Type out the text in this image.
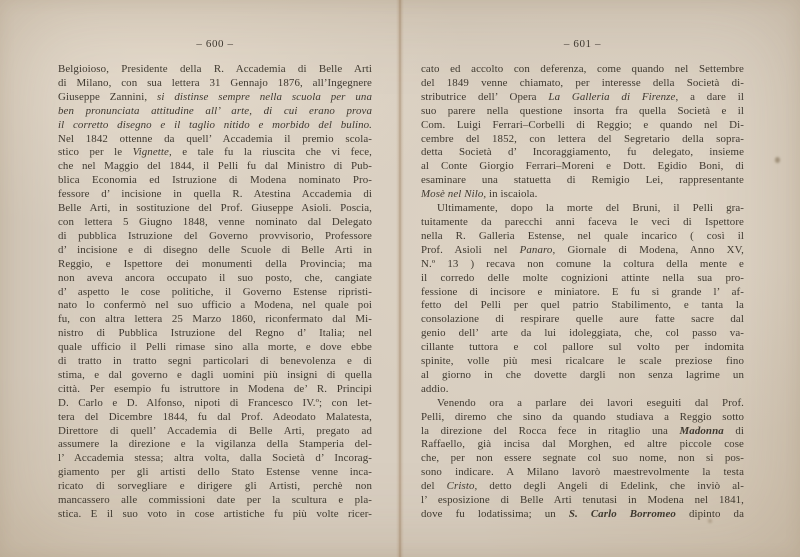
– 600 –
Belgioioso, Presidente della R. Accademia di Belle Arti
di Milano, con sua lettera 31 Gennajo 1876, all’Ingegnere
Giuseppe Zannini, si distinse sempre nella scuola per una
ben pronunciata attitudine all’ arte, di cui erano prova
il corretto disegno e il taglio nitido e morbido del bulino.
Nel 1842 ottenne da quell’ Accademia il premio scola-
stico per le Vignette, e tale fu la riuscita che vi fece,
che nel Maggio del 1844, il Pelli fu dal Ministro di Pub-
blica Economia ed Istruzione di Modena nominato Pro-
fessore d’ incisione in quella R. Atestina Accademia di
Belle Arti, in sostituzione del Prof. Giuseppe Asioli. Poscia,
con lettera 5 Giugno 1848, venne nominato dal Delegato
di pubblica Istruzione del Governo provvisorio, Professore
d’ incisione e di disegno delle Scuole di Belle Arti in
Reggio, e Ispettore dei monumenti della Provincia; ma
non aveva ancora occupato il suo posto, che, cangiate
d’ aspetto le cose politiche, il Governo Estense ripristi-
nato lo confermò nel suo ufficio a Modena, nel quale poi
fu, con altra lettera 25 Marzo 1860, riconfermato dal Mi-
nistro di Pubblica Istruzione del Regno d’ Italia; nel
quale ufficio il Pelli rimase sino alla morte, e dove ebbe
di tratto in tratto segni particolari di benevolenza e di
stima, e dal governo e dagli uomini più insigni di quella
città. Per esempio fu istruttore in Modena de’ R. Principi
D. Carlo e D. Alfonso, nipoti di Francesco IV.º; con let-
tera del Dicembre 1844, fu dal Prof. Adeodato Malatesta,
Direttore di quell’ Accademia di Belle Arti, pregato ad
assumere la direzione e la vigilanza della Stamperia del-
l’ Accademia stessa; altra volta, dalla Società d’ Incorag-
giamento per gli artisti dello Stato Estense venne inca-
ricato di sorvegliare e dirigere gli Artisti, perchè non
mancassero alle commissioni date per la scultura e pla-
stica. E il suo voto in cose artistiche fu più volte ricer-
– 601 –
cato ed accolto con deferenza, come quando nel Settembre
del 1849 venne chiamato, per interesse della Società di-
stributrice dell’ Opera La Galleria di Firenze, a dare il
suo parere nella questione insorta fra quella Società e il
Com. Luigi Ferrari–Corbelli di Reggio; e quando nel Di-
cembre del 1852, con lettera del Segretario della sopra-
detta Società d’ Incoraggiamento, fu delegato, insieme
al Conte Giorgio Ferrari–Moreni e Dott. Egidio Boni, di
esaminare una statuetta di Remigio Lei, rappresentante
Mosè nel Nilo, in iscaiola.
Ultimamente, dopo la morte del Bruni, il Pelli gra-
tuitamente da parecchi anni faceva le veci di Ispettore
nella R. Galleria Estense, nel quale incarico ( così il
Prof. Asioli nel Panaro, Giornale di Modena, Anno XV,
N.º 13 ) recava non comune la coltura della mente e
il corredo delle molte cognizioni attinte nella sua pro-
fessione di incisore e miniatore. E fu sì grande l’ af-
fetto del Pelli per quel patrio Stabilimento, e tanta la
consolazione di respirare quelle aure fatte sacre dal
genio dell’ arte da lui idoleggiata, che, col passo va-
cillante tuttora e col pallore sul volto per indomita
spinite, volle più mesi ricalcare le scale preziose fino
al giorno in che dovette dargli non senza lagrime un
addio.
Venendo ora a parlare dei lavori eseguiti dal Prof.
Pelli, diremo che sino da quando studiava a Reggio sotto
la direzione del Rocca fece in ritaglio una Madonna di
Raffaello, già incisa dal Morghen, ed altre piccole cose
che, per non essere segnate col suo nome, non si pos-
sono indicare. A Milano lavorò maestrevolmente la testa
del Cristo, detto degli Angeli di Edelink, che inviò al-
l’ esposizione di Belle Arti tenutasi in Modena nel 1841,
dove fu lodatissima; un S. Carlo Borromeo dipinto da
